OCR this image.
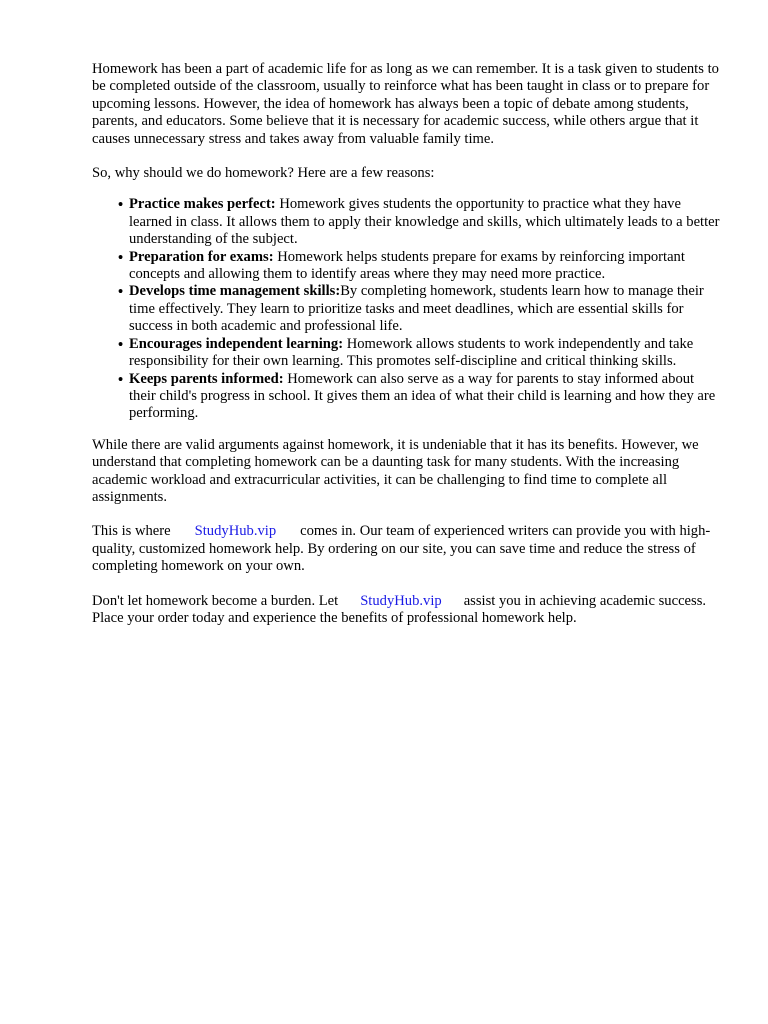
Homework has been a part of academic life for as long as we can remember. It is a task given to students to be completed outside of the classroom, usually to reinforce what has been taught in class or to prepare for upcoming lessons. However, the idea of homework has always been a topic of debate among students, parents, and educators. Some believe that it is necessary for academic success, while others argue that it causes unnecessary stress and takes away from valuable family time.

So, why should we do homework? Here are a few reasons:

• Practice makes perfect: Homework gives students the opportunity to practice what they have learned in class. It allows them to apply their knowledge and skills, which ultimately leads to a better understanding of the subject.
• Preparation for exams: Homework helps students prepare for exams by reinforcing important concepts and allowing them to identify areas where they may need more practice.
• Develops time management skills:By completing homework, students learn how to manage their time effectively. They learn to prioritize tasks and meet deadlines, which are essential skills for success in both academic and professional life.
• Encourages independent learning: Homework allows students to work independently and take responsibility for their own learning. This promotes self-discipline and critical thinking skills.
• Keeps parents informed: Homework can also serve as a way for parents to stay informed about their child's progress in school. It gives them an idea of what their child is learning and how they are performing.

While there are valid arguments against homework, it is undeniable that it has its benefits. However, we understand that completing homework can be a daunting task for many students. With the increasing academic workload and extracurricular activities, it can be challenging to find time to complete all assignments.

This is where StudyHub.vip comes in. Our team of experienced writers can provide you with high-quality, customized homework help. By ordering on our site, you can save time and reduce the stress of completing homework on your own.

Don't let homework become a burden. Let StudyHub.vip assist you in achieving academic success. Place your order today and experience the benefits of professional homework help.
